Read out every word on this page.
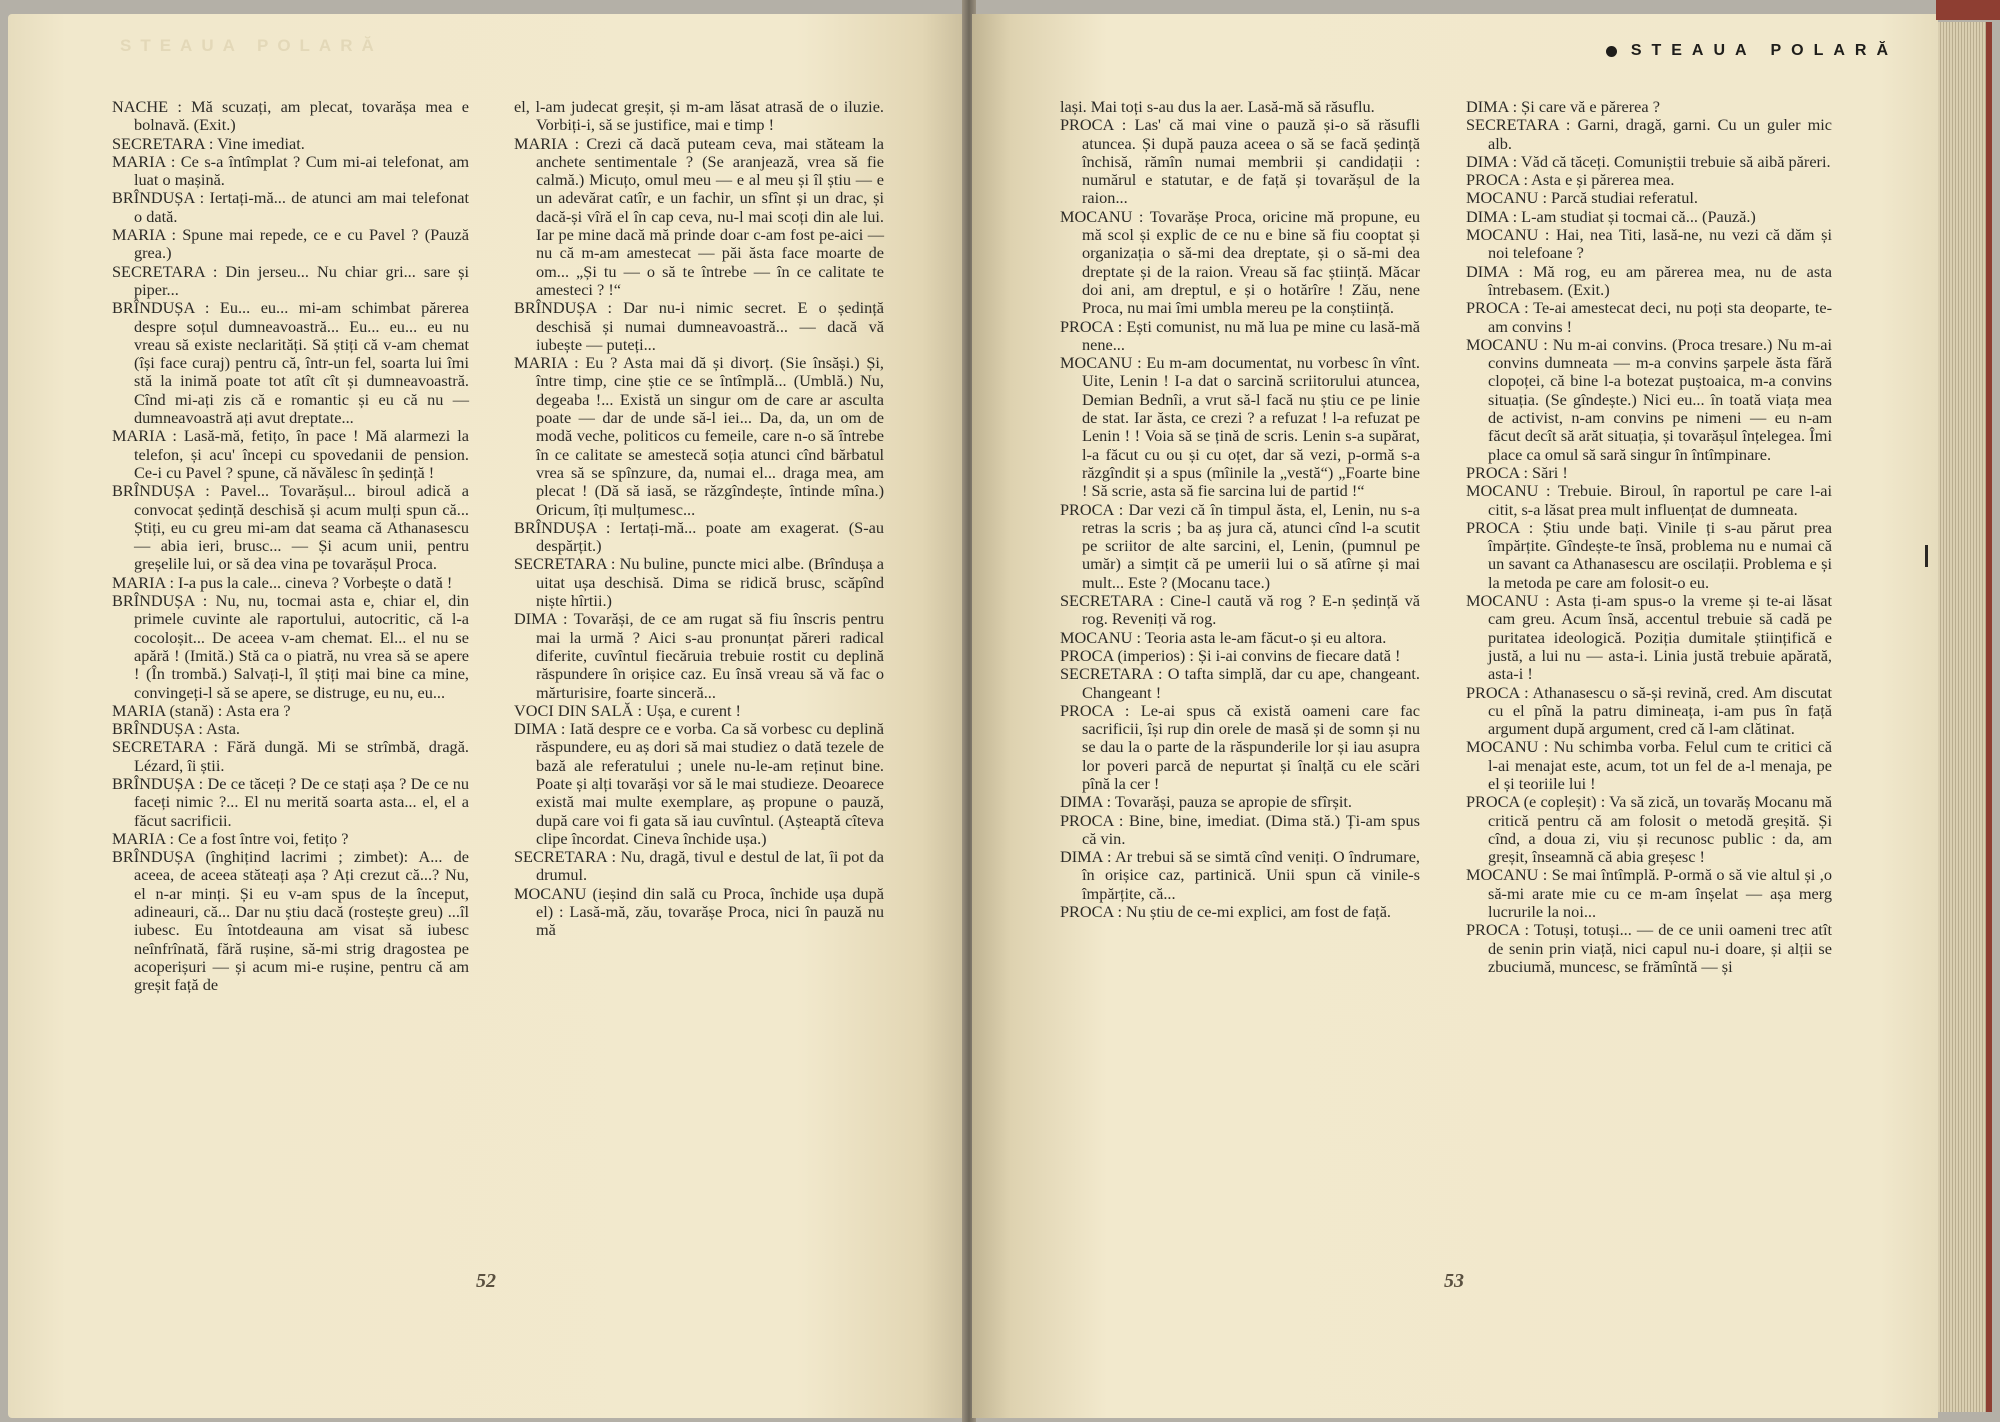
STEAUA POLARĂ

NACHE : Mă scuzați, am plecat, tovarășa mea e bolnavă. (Exit.)

SECRETARA : Vine imediat.

MARIA : Ce s-a întîmplat ? Cum mi-ai telefonat, am luat o mașină.

BRÎNDUȘA : Iertați-mă... de atunci am mai telefonat o dată.

MARIA : Spune mai repede, ce e cu Pavel ? (Pauză grea.)

SECRETARA : Din jerseu... Nu chiar gri... sare și piper...

BRÎNDUȘA : Eu... eu... mi-am schimbat părerea despre soțul dumneavoastră... Eu... eu... eu nu vreau să existe neclarități. Să știți că v-am chemat (își face curaj) pentru că, într-un fel, soarta lui îmi stă la inimă poate tot atît cît și dumneavoastră. Cînd mi-ați zis că e romantic și eu că nu — dumneavoastră ați avut dreptate...

MARIA : Lasă-mă, fetițo, în pace ! Mă alarmezi la telefon, și acu' începi cu spovedanii de pension. Ce-i cu Pavel ? spune, că năvălesc în ședință !

BRÎNDUȘA : Pavel... Tovarășul... biroul adică a convocat ședință deschisă și acum mulți spun că... Știți, eu cu greu mi-am dat seama că Athanasescu — abia ieri, brusc... — Și acum unii, pentru greșelile lui, or să dea vina pe tovarășul Proca.

MARIA : I-a pus la cale... cineva ? Vorbește o dată !

BRÎNDUȘA : Nu, nu, tocmai asta e, chiar el, din primele cuvinte ale raportului, autocritic, că l-a cocoloșit... De aceea v-am chemat. El... el nu se apără ! (Imită.) Stă ca o piatră, nu vrea să se apere ! (În trombă.) Salvați-l, îl știți mai bine ca mine, convingeți-l să se apere, se distruge, eu nu, eu...

MARIA (stană) : Asta era ?

BRÎNDUȘA : Asta.

SECRETARA : Fără dungă. Mi se strîmbă, dragă. Lézard, îi știi.

BRÎNDUȘA : De ce tăceți ? De ce stați așa ? De ce nu faceți nimic ?... El nu merită soarta asta... el, el a făcut sacrificii.

MARIA : Ce a fost între voi, fetițo ?

BRÎNDUȘA (înghițind lacrimi ; zimbet): A... de aceea, de aceea stăteați așa ? Ați crezut că...? Nu, el n-ar minți. Și eu v-am spus de la început, adineauri, că... Dar nu știu dacă (rostește greu) ...îl iubesc. Eu întotdeauna am visat să iubesc neînfrînată, fără rușine, să-mi strig dragostea pe acoperișuri — și acum mi-e rușine, pentru că am greșit față de

el, l-am judecat greșit, și m-am lăsat atrasă de o iluzie. Vorbiți-i, să se justifice, mai e timp !

MARIA : Crezi că dacă puteam ceva, mai stăteam la anchete sentimentale ? (Se aranjează, vrea să fie calmă.) Micuțo, omul meu — e al meu și îl știu — e un adevărat catîr, e un fachir, un sfînt și un drac, și dacă-și vîră el în cap ceva, nu-l mai scoți din ale lui. Iar pe mine dacă mă prinde doar c-am fost pe-aici — nu că m-am amestecat — păi ăsta face moarte de om... „Și tu — o să te întrebe — în ce calitate te amesteci ? !“

BRÎNDUȘA : Dar nu-i nimic secret. E o ședință deschisă și numai dumneavoastră... — dacă vă iubește — puteți...

MARIA : Eu ? Asta mai dă și divorț. (Sie însăși.) Și, între timp, cine știe ce se întîmplă... (Umblă.) Nu, degeaba !... Există un singur om de care ar asculta poate — dar de unde să-l iei... Da, da, un om de modă veche, politicos cu femeile, care n-o să întrebe în ce calitate se amestecă soția atunci cînd bărbatul vrea să se spînzure, da, numai el... draga mea, am plecat ! (Dă să iasă, se răzgîndește, întinde mîna.) Oricum, îți mulțumesc...

BRÎNDUȘA : Iertați-mă... poate am exagerat. (S-au despărțit.)

SECRETARA : Nu buline, puncte mici albe. (Brîndușa a uitat ușa deschisă. Dima se ridică brusc, scăpînd niște hîrtii.)

DIMA : Tovarăși, de ce am rugat să fiu înscris pentru mai la urmă ? Aici s-au pronunțat păreri radical diferite, cuvîntul fiecăruia trebuie rostit cu deplină răspundere în orișice caz. Eu însă vreau să vă fac o mărturisire, foarte sinceră...

VOCI DIN SALĂ : Ușa, e curent !

DIMA : Iată despre ce e vorba. Ca să vorbesc cu deplină răspundere, eu aș dori să mai studiez o dată tezele de bază ale referatului ; unele nu-le-am reținut bine. Poate și alți tovarăși vor să le mai studieze. Deoarece există mai multe exemplare, aș propune o pauză, după care voi fi gata să iau cuvîntul. (Așteaptă cîteva clipe încordat. Cineva închide ușa.)

SECRETARA : Nu, dragă, tivul e destul de lat, îi pot da drumul.

MOCANU (ieșind din sală cu Proca, închide ușa după el) : Lasă-mă, zău, tovarășe Proca, nici în pauză nu mă

52
STEAUA POLARĂ

lași. Mai toți s-au dus la aer. Lasă-mă să răsuflu.

PROCA : Las' că mai vine o pauză și-o să răsufli atuncea. Și după pauza aceea o să se facă ședință închisă, rămîn numai membrii și candidații : numărul e statutar, e de față și tovarășul de la raion...

MOCANU : Tovarășe Proca, oricine mă propune, eu mă scol și explic de ce nu e bine să fiu cooptat și organizația o să-mi dea dreptate, și o să-mi dea dreptate și de la raion. Vreau să fac știință. Măcar doi ani, am dreptul, e și o hotărîre ! Zău, nene Proca, nu mai îmi umbla mereu pe la conștiință.

PROCA : Ești comunist, nu mă lua pe mine cu lasă-mă nene...

MOCANU : Eu m-am documentat, nu vorbesc în vînt. Uite, Lenin ! I-a dat o sarcină scriitorului atuncea, Demian Bednîi, a vrut să-l facă nu știu ce pe linie de stat. Iar ăsta, ce crezi ? a refuzat ! l-a refuzat pe Lenin ! ! Voia să se țină de scris. Lenin s-a supărat, l-a făcut cu ou și cu oțet, dar să vezi, p-ormă s-a răzgîndit și a spus (mîinile la „vestă“) „Foarte bine ! Să scrie, asta să fie sarcina lui de partid !“

PROCA : Dar vezi că în timpul ăsta, el, Lenin, nu s-a retras la scris ; ba aș jura că, atunci cînd l-a scutit pe scriitor de alte sarcini, el, Lenin, (pumnul pe umăr) a simțit că pe umerii lui o să atîrne și mai mult... Este ? (Mocanu tace.)

SECRETARA : Cine-l caută vă rog ? E-n ședință vă rog. Reveniți vă rog.

MOCANU : Teoria asta le-am făcut-o și eu altora.

PROCA (imperios) : Și i-ai convins de fiecare dată !

SECRETARA : O tafta simplă, dar cu ape, changeant. Changeant !

PROCA : Le-ai spus că există oameni care fac sacrificii, își rup din orele de masă și de somn și nu se dau la o parte de la răspunderile lor și iau asupra lor poveri parcă de nepurtat și înalță cu ele scări pînă la cer !

DIMA : Tovarăși, pauza se apropie de sfîrșit.

PROCA : Bine, bine, imediat. (Dima stă.) Ți-am spus că vin.

DIMA : Ar trebui să se simtă cînd veniți. O îndrumare, în orișice caz, partinică. Unii spun că vinile-s împărțite, că...

PROCA : Nu știu de ce-mi explici, am fost de față.

DIMA : Și care vă e părerea ?

SECRETARA : Garni, dragă, garni. Cu un guler mic alb.

DIMA : Văd că tăceți. Comuniștii trebuie să aibă păreri.

PROCA : Asta e și părerea mea.

MOCANU : Parcă studiai referatul.

DIMA : L-am studiat și tocmai că... (Pauză.)

MOCANU : Hai, nea Titi, lasă-ne, nu vezi că dăm și noi telefoane ?

DIMA : Mă rog, eu am părerea mea, nu de asta întrebasem. (Exit.)

PROCA : Te-ai amestecat deci, nu poți sta deoparte, te-am convins !

MOCANU : Nu m-ai convins. (Proca tresare.) Nu m-ai convins dumneata — m-a convins șarpele ăsta fără clopoței, că bine l-a botezat puștoaica, m-a convins situația. (Se gîndește.) Nici eu... în toată viața mea de activist, n-am convins pe nimeni — eu n-am făcut decît să arăt situația, și tovarășul înțelegea. Îmi place ca omul să sară singur în întîmpinare.

PROCA : Sări !

MOCANU : Trebuie. Biroul, în raportul pe care l-ai citit, s-a lăsat prea mult influențat de dumneata.

PROCA : Știu unde bați. Vinile ți s-au părut prea împărțite. Gîndește-te însă, problema nu e numai că un savant ca Athanasescu are oscilații. Problema e și la metoda pe care am folosit-o eu.

MOCANU : Asta ți-am spus-o la vreme și te-ai lăsat cam greu. Acum însă, accentul trebuie să cadă pe puritatea ideologică. Poziția dumitale științifică e justă, a lui nu — asta-i. Linia justă trebuie apărată, asta-i !

PROCA : Athanasescu o să-și revină, cred. Am discutat cu el pînă la patru dimineața, i-am pus în față argument după argument, cred că l-am clătinat.

MOCANU : Nu schimba vorba. Felul cum te critici că l-ai menajat este, acum, tot un fel de a-l menaja, pe el și teoriile lui !

PROCA (e copleșit) : Va să zică, un tovarăș Mocanu mă critică pentru că am folosit o metodă greșită. Și cînd, a doua zi, viu și recunosc public : da, am greșit, înseamnă că abia greșesc !

MOCANU : Se mai întîmplă. P-ormă o să vie altul și ,o să-mi arate mie cu ce m-am înșelat — așa merg lucrurile la noi...

PROCA : Totuși, totuși... — de ce unii oameni trec atît de senin prin viață, nici capul nu-i doare, și alții se zbuciumă, muncesc, se frămîntă — și

53
